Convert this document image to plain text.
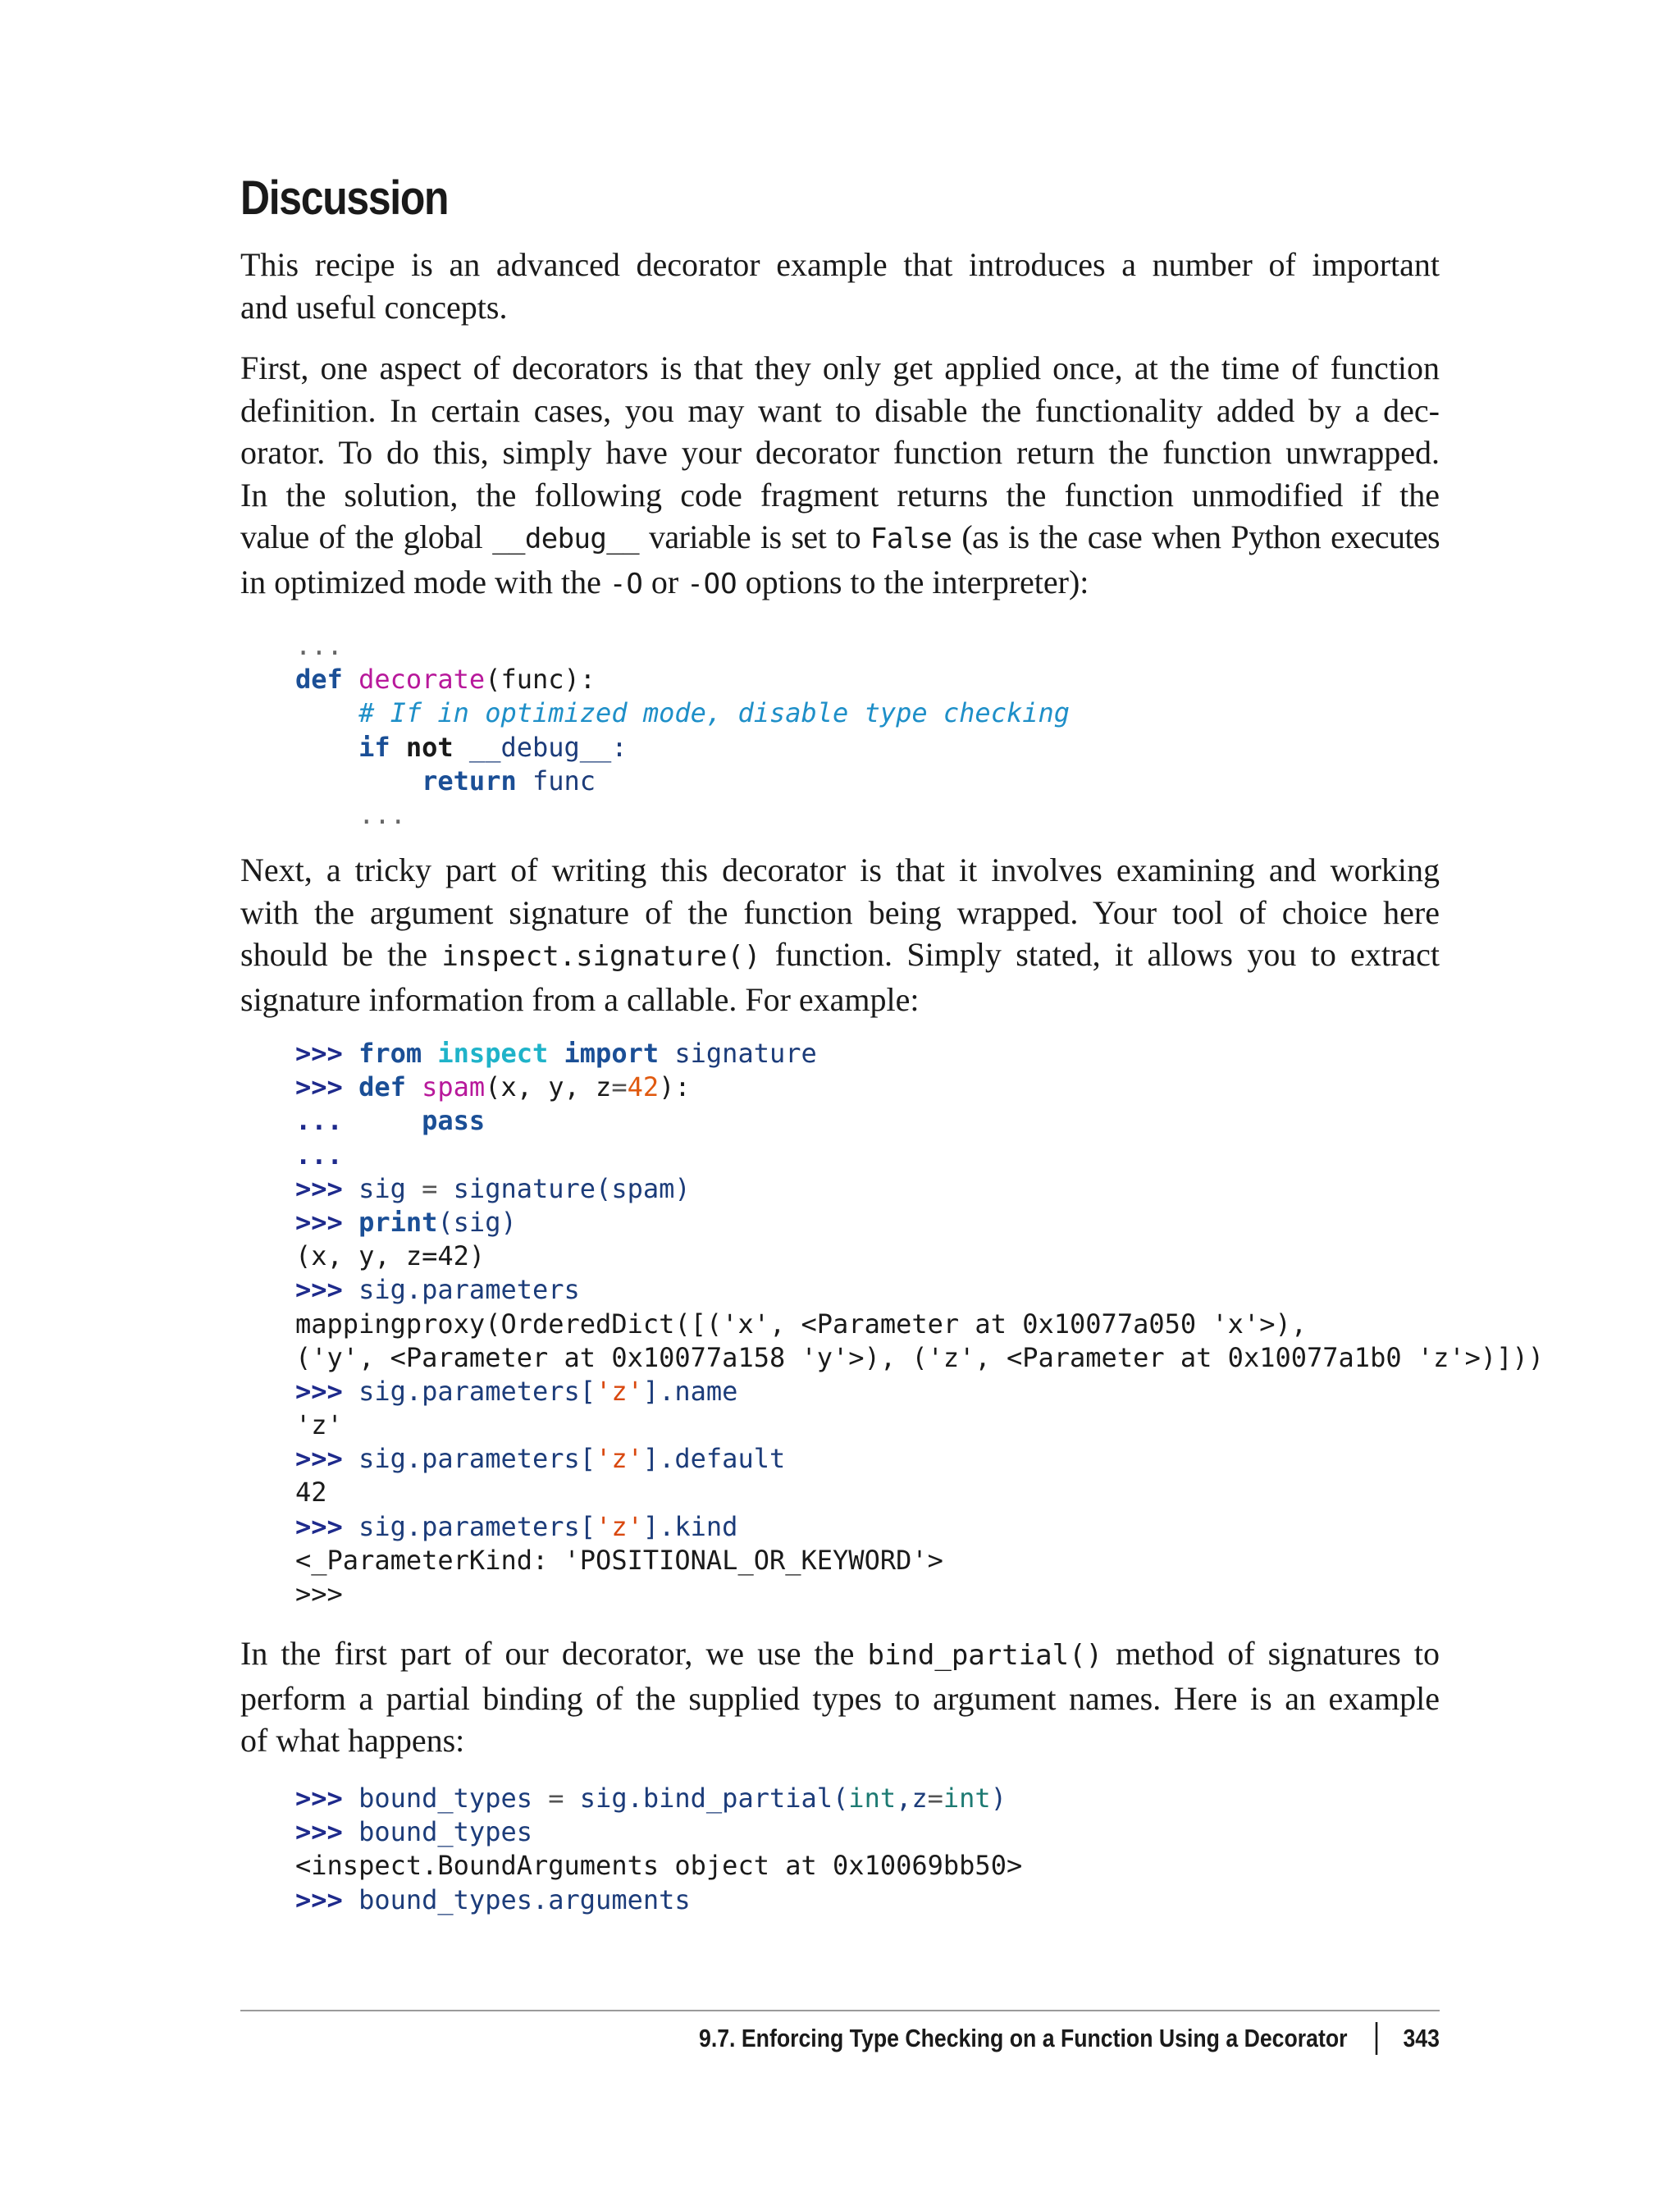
Discussion
This recipe is an advanced decorator example that introduces a number of important
and useful concepts.
First, one aspect of decorators is that they only get applied once, at the time of function
definition. In certain cases, you may want to disable the functionality added by a dec-
orator. To do this, simply have your decorator function return the function unwrapped.
In the solution, the following code fragment returns the function unmodified if the
value of the global __debug__ variable is set to False (as is the case when Python executes
in optimized mode with the -O or -OO options to the interpreter):
...
def decorate(func):
# If in optimized mode, disable type checking
if not __debug__:
return func
...
Next, a tricky part of writing this decorator is that it involves examining and working
with the argument signature of the function being wrapped. Your tool of choice here
should be the inspect.signature() function. Simply stated, it allows you to extract
signature information from a callable. For example:
>>> from inspect import signature
>>> def spam(x, y, z=42):
...	pass
...
>>> sig = signature(spam)
>>> print(sig)
(x, y, z=42)
>>> sig.parameters
mappingproxy(OrderedDict([('x', <Parameter at 0x10077a050 'x'>),
('y', <Parameter at 0x10077a158 'y'>), ('z', <Parameter at 0x10077a1b0 'z'>)]))
>>> sig.parameters['z'].name
'z'
>>> sig.parameters['z'].default
42
>>> sig.parameters['z'].kind
<_ParameterKind: 'POSITIONAL_OR_KEYWORD'>
>>>
In the first part of our decorator, we use the bind_partial() method of signatures to
perform a partial binding of the supplied types to argument names. Here is an example
of what happens:
>>> bound_types = sig.bind_partial(int,z=int)
>>> bound_types
<inspect.BoundArguments object at 0x10069bb50>
>>> bound_types.arguments
9.7. Enforcing Type Checking on a Function Using a Decorator 343
